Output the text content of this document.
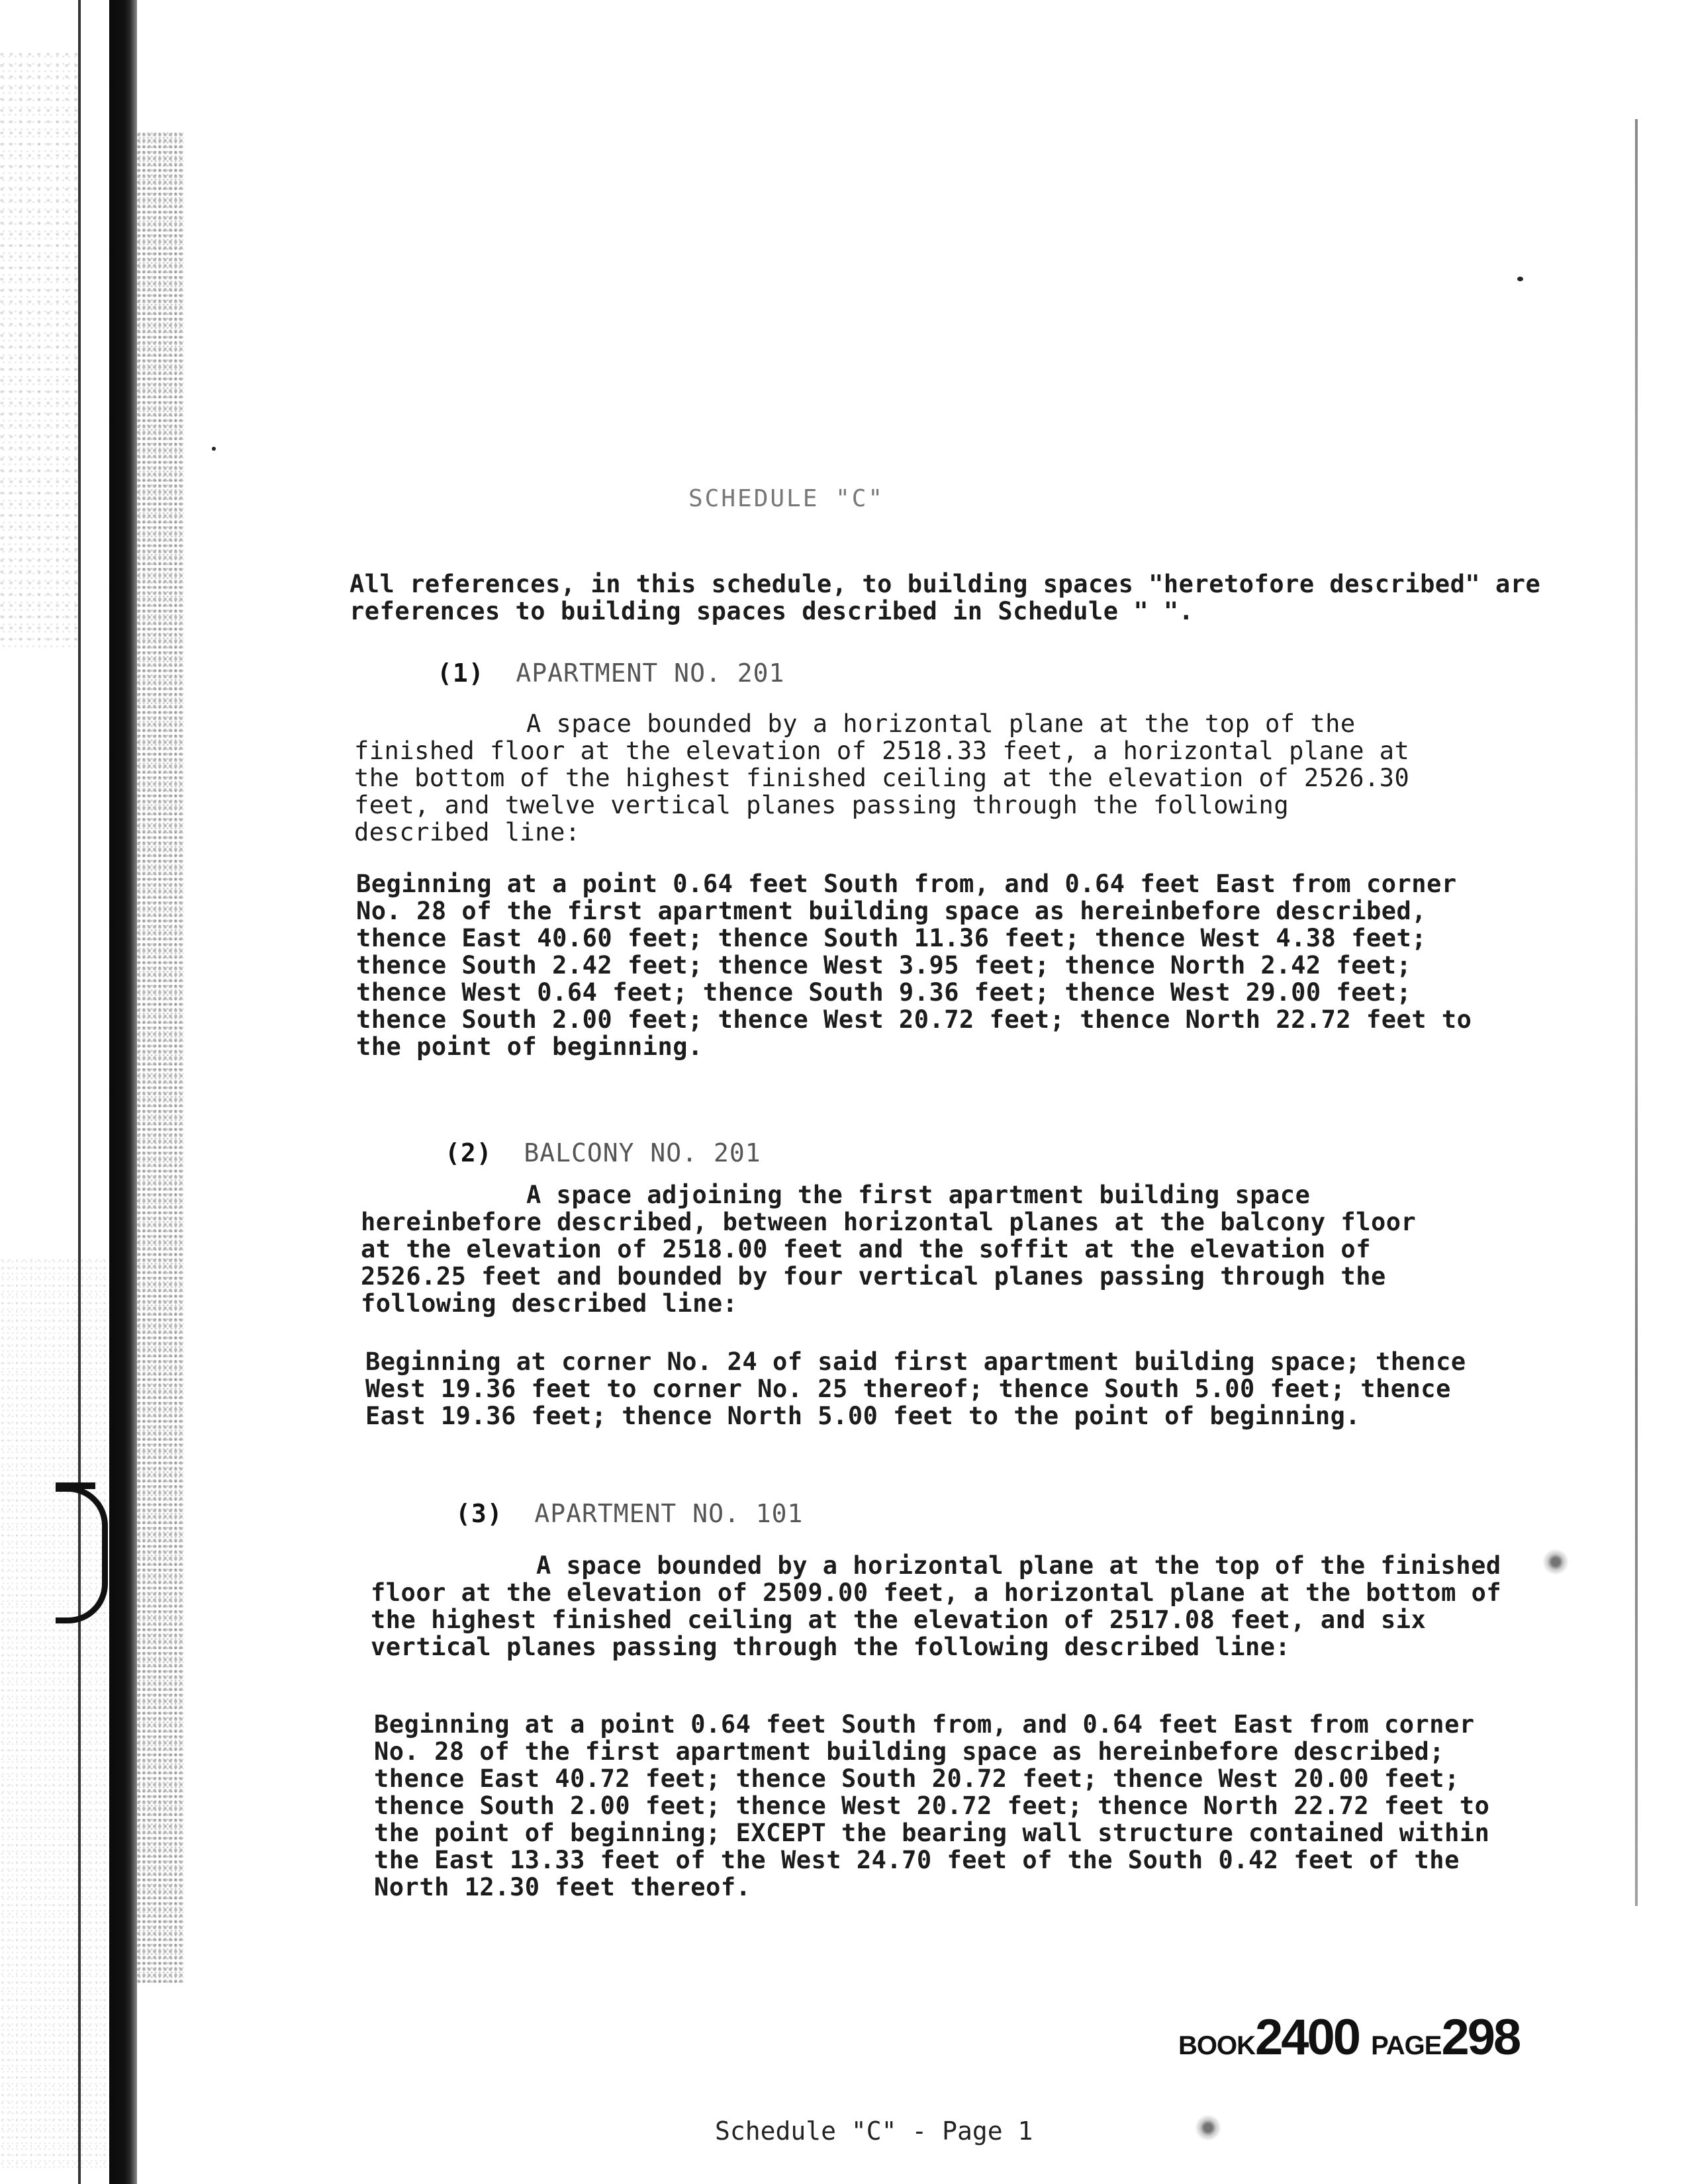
SCHEDULE "C"
All references, in this schedule, to building spaces "heretofore described" are references to building spaces described in Schedule " ".
(1) APARTMENT NO. 201
A space bounded by a horizontal plane at the top of the finished floor at the elevation of 2518.33 feet, a horizontal plane at the bottom of the highest finished ceiling at the elevation of 2526.30 feet, and twelve vertical planes passing through the following described line:
Beginning at a point 0.64 feet South from, and 0.64 feet East from corner No. 28 of the first apartment building space as hereinbefore described, thence East 40.60 feet; thence South 11.36 feet; thence West 4.38 feet; thence South 2.42 feet; thence West 3.95 feet; thence North 2.42 feet; thence West 0.64 feet; thence South 9.36 feet; thence West 29.00 feet; thence South 2.00 feet; thence West 20.72 feet; thence North 22.72 feet to the point of beginning.
(2) BALCONY NO. 201
A space adjoining the first apartment building space hereinbefore described, between horizontal planes at the balcony floor at the elevation of 2518.00 feet and the soffit at the elevation of 2526.25 feet and bounded by four vertical planes passing through the following described line:
Beginning at corner No. 24 of said first apartment building space; thence West 19.36 feet to corner No. 25 thereof; thence South 5.00 feet; thence East 19.36 feet; thence North 5.00 feet to the point of beginning.
(3) APARTMENT NO. 101
A space bounded by a horizontal plane at the top of the finished floor at the elevation of 2509.00 feet, a horizontal plane at the bottom of the highest finished ceiling at the elevation of 2517.08 feet, and six vertical planes passing through the following described line:
Beginning at a point 0.64 feet South from, and 0.64 feet East from corner No. 28 of the first apartment building space as hereinbefore described; thence East 40.72 feet; thence South 20.72 feet; thence West 20.00 feet; thence South 2.00 feet; thence West 20.72 feet; thence North 22.72 feet to the point of beginning; EXCEPT the bearing wall structure contained within the East 13.33 feet of the West 24.70 feet of the South 0.42 feet of the North 12.30 feet thereof.
BOOK2400 PAGE298
Schedule "C" - Page 1
